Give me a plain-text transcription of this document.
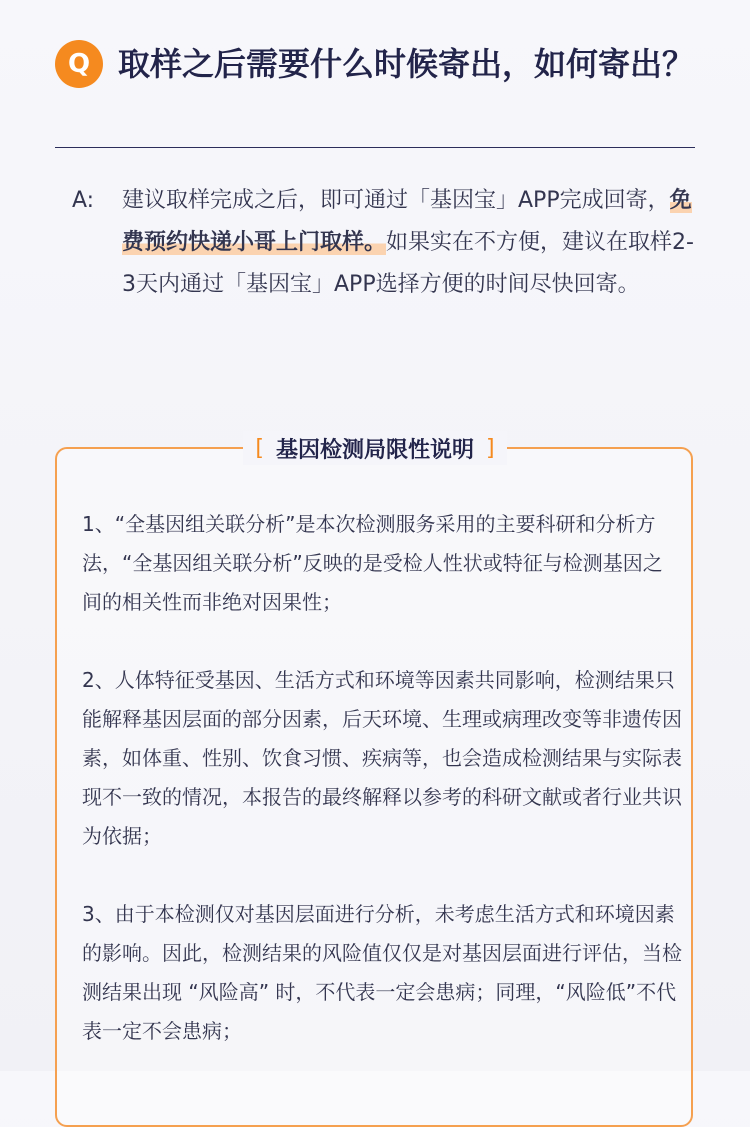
Q 取样之后需要什么时候寄出，如何寄出？
A: 建议取样完成之后，即可通过「基因宝」APP完成回寄，免费预约快递小哥上门取样。如果实在不方便，建议在取样2-3天内通过「基因宝」APP选择方便的时间尽快回寄。
[ 基因检测局限性说明 ]

1、“全基因组关联分析”是本次检测服务采用的主要科研和分析方法，“全基因组关联分析”反映的是受检人性状或特征与检测基因之间的相关性而非绝对因果性；

2、人体特征受基因、生活方式和环境等因素共同影响，检测结果只能解释基因层面的部分因素，后天环境、生理或病理改变等非遗传因素，如体重、性别、饮食习惯、疾病等，也会造成检测结果与实际表现不一致的情况，本报告的最终解释以参考的科研文献或者行业共识为依据；

3、由于本检测仅对基因层面进行分析，未考虑生活方式和环境因素的影响。因此，检测结果的风险值仅仅是对基因层面进行评估，当检测结果出现 “风险高” 时，不代表一定会患病；同理，“风险低”不代表一定不会患病；
